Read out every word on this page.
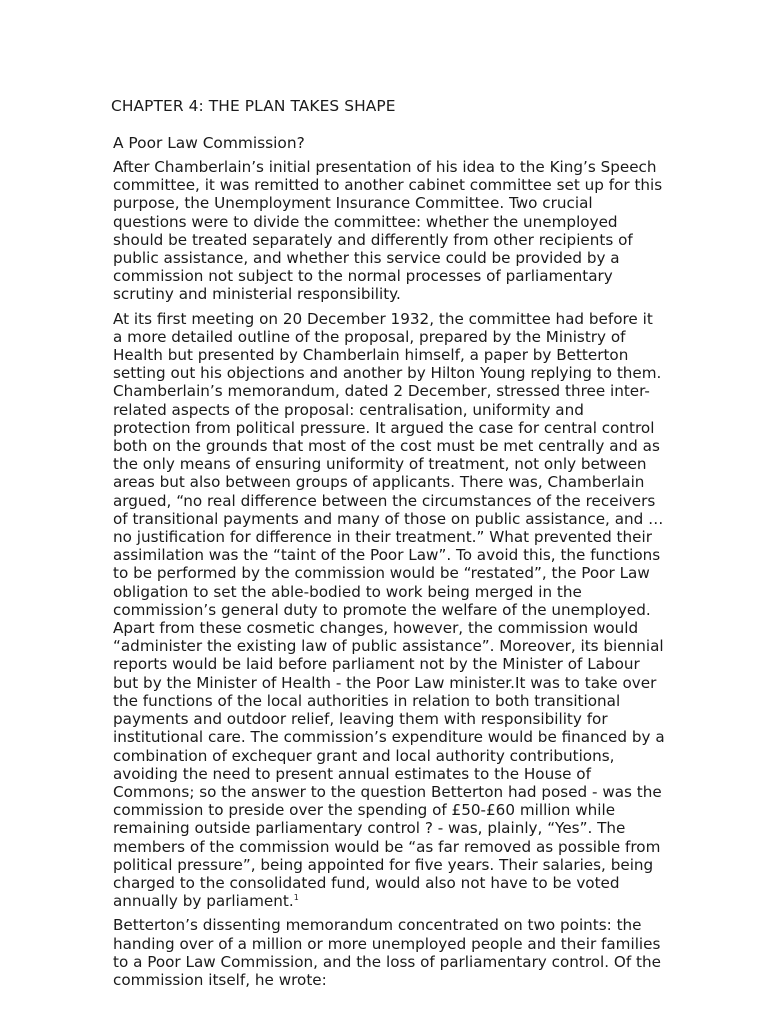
CHAPTER 4: THE PLAN TAKES SHAPE
A Poor Law Commission?

After Chamberlain’s initial presentation of his idea to the King’s Speech
committee, it was remitted to another cabinet committee set up for this
purpose, the Unemployment Insurance Committee. Two crucial
questions were to divide the committee: whether the unemployed
should be treated separately and differently from other recipients of
public assistance, and whether this service could be provided by a
commission not subject to the normal processes of parliamentary
scrutiny and ministerial responsibility.

At its first meeting on 20 December 1932, the committee had before it
a more detailed outline of the proposal, prepared by the Ministry of
Health but presented by Chamberlain himself, a paper by Betterton
setting out his objections and another by Hilton Young replying to them.
Chamberlain’s memorandum, dated 2 December, stressed three inter-
related aspects of the proposal: centralisation, uniformity and
protection from political pressure. It argued the case for central control
both on the grounds that most of the cost must be met centrally and as
the only means of ensuring uniformity of treatment, not only between
areas but also between groups of applicants. There was, Chamberlain
argued, “no real difference between the circumstances of the receivers
of transitional payments and many of those on public assistance, and …
no justification for difference in their treatment.” What prevented their
assimilation was the “taint of the Poor Law”. To avoid this, the functions
to be performed by the commission would be “restated”, the Poor Law
obligation to set the able-bodied to work being merged in the
commission’s general duty to promote the welfare of the unemployed.
Apart from these cosmetic changes, however, the commission would
“administer the existing law of public assistance”. Moreover, its biennial
reports would be laid before parliament not by the Minister of Labour
but by the Minister of Health - the Poor Law minister.It was to take over
the functions of the local authorities in relation to both transitional
payments and outdoor relief, leaving them with responsibility for
institutional care. The commission’s expenditure would be financed by a
combination of exchequer grant and local authority contributions,
avoiding the need to present annual estimates to the House of
Commons; so the answer to the question Betterton had posed - was the
commission to preside over the spending of £50-£60 million while
remaining outside parliamentary control ? - was, plainly, “Yes”. The
members of the commission would be “as far removed as possible from
political pressure”, being appointed for five years. Their salaries, being
charged to the consolidated fund, would also not have to be voted
annually by parliament.$^1$

Betterton’s dissenting memorandum concentrated on two points: the
handing over of a million or more unemployed people and their families
to a Poor Law Commission, and the loss of parliamentary control. Of the
commission itself, he wrote:
